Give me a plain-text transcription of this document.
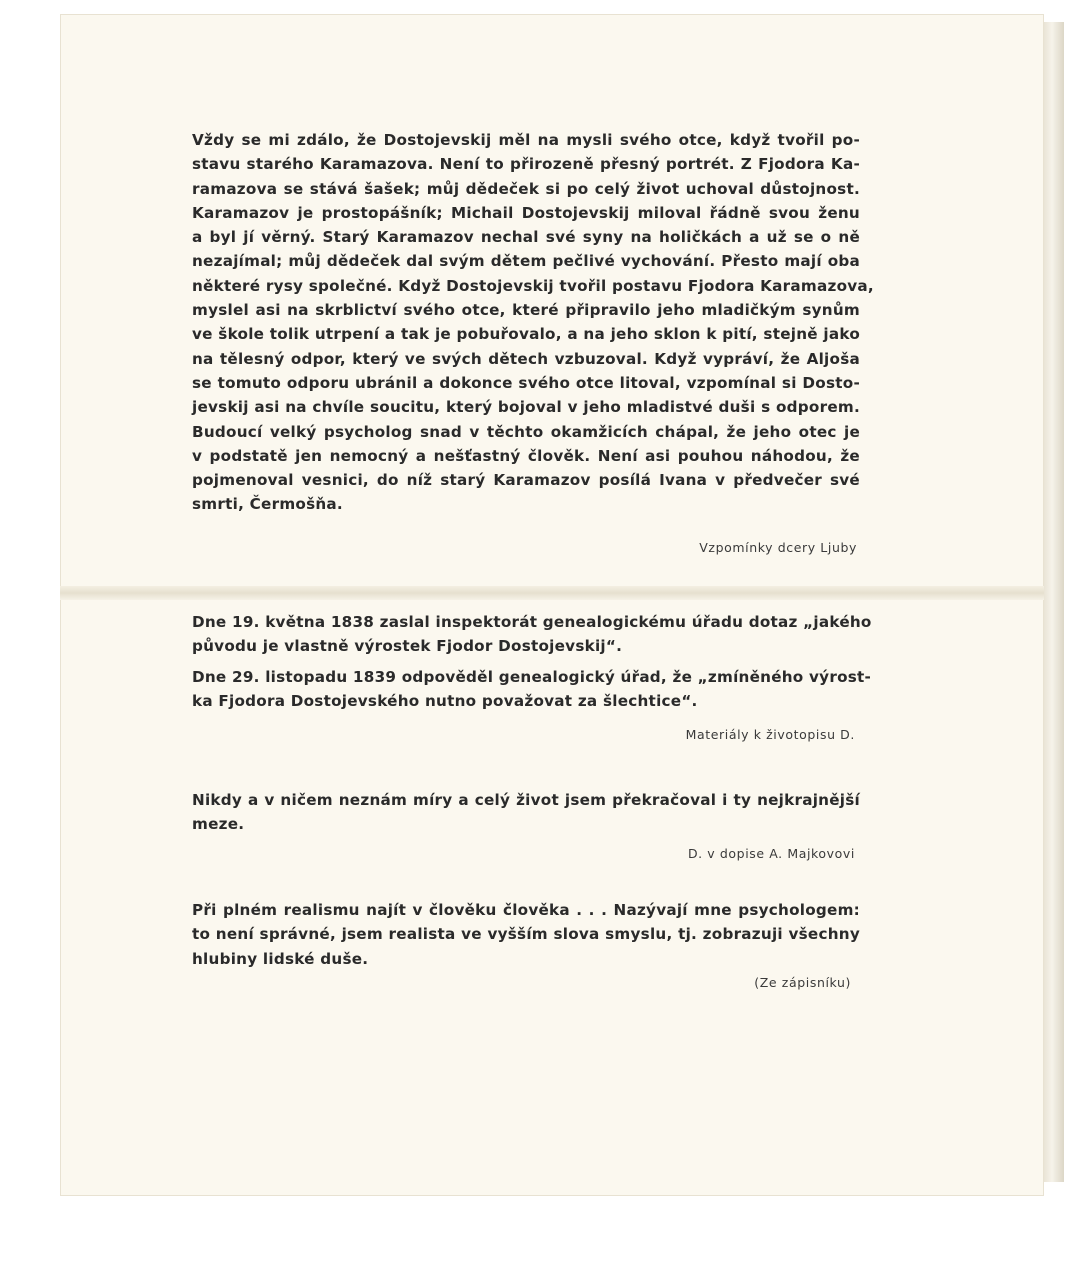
Vždy se mi zdálo, že Dostojevskij měl na mysli svého otce, když tvořil po-
stavu starého Karamazova. Není to přirozeně přesný portrét. Z Fjodora Ka-
ramazova se stává šašek; můj dědeček si po celý život uchoval důstojnost.
Karamazov je prostopášník; Michail Dostojevskij miloval řádně svou ženu
a byl jí věrný. Starý Karamazov nechal své syny na holičkách a už se o ně
nezajímal; můj dědeček dal svým dětem pečlivé vychování. Přesto mají oba
některé rysy společné. Když Dostojevskij tvořil postavu Fjodora Karamazova,
myslel asi na skrblictví svého otce, které připravilo jeho mladičkým synům
ve škole tolik utrpení a tak je pobuřovalo, a na jeho sklon k pití, stejně jako
na tělesný odpor, který ve svých dětech vzbuzoval. Když vypráví, že Aljoša
se tomuto odporu ubránil a dokonce svého otce litoval, vzpomínal si Dosto-
jevskij asi na chvíle soucitu, který bojoval v jeho mladistvé duši s odporem.
Budoucí velký psycholog snad v těchto okamžicích chápal, že jeho otec je
v podstatě jen nemocný a nešťastný člověk. Není asi pouhou náhodou, že
pojmenoval vesnici, do níž starý Karamazov posílá Ivana v předvečer své
smrti, Čermošňa.
Vzpomínky dcery Ljuby
Dne 19. května 1838 zaslal inspektorát genealogickému úřadu dotaz „jakého
původu je vlastně výrostek Fjodor Dostojevskij“.
Dne 29. listopadu 1839 odpověděl genealogický úřad, že „zmíněného výrost-
ka Fjodora Dostojevského nutno považovat za šlechtice“.
Materiály k životopisu D.
Nikdy a v ničem neznám míry a celý život jsem překračoval i ty nejkrajnější
meze.
D. v dopise A. Majkovovi
Při plném realismu najít v člověku člověka . . . Nazývají mne psychologem:
to není správné, jsem realista ve vyšším slova smyslu, tj. zobrazuji všechny
hlubiny lidské duše.
(Ze zápisníku)
